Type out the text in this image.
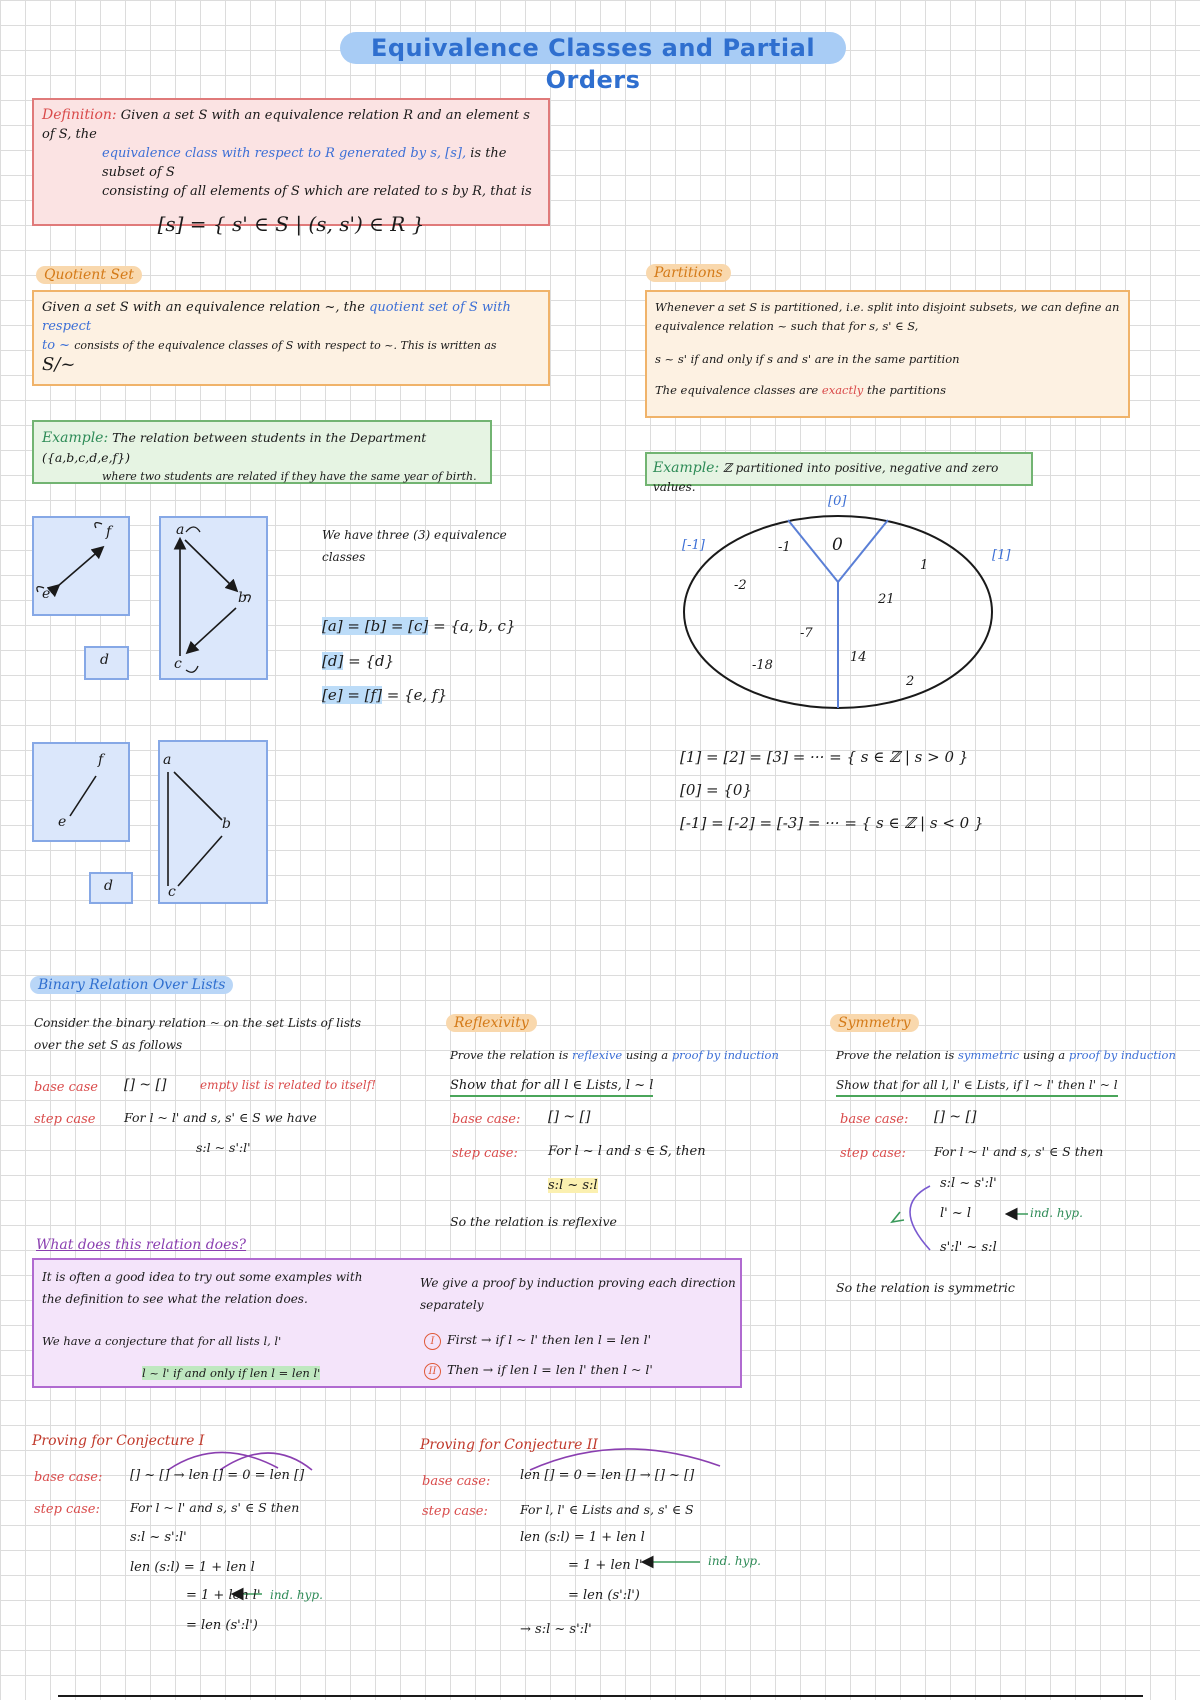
Equivalence Classes and Partial Orders
Definition: Given a set S with an equivalence relation R and an element s of S, the
equivalence class with respect to R generated by s, [s], is the subset of S
consisting of all elements of S which are related to s by R, that is
[s] = { s' ∈ S | (s, s') ∈ R }
Quotient Set
Given a set S with an equivalence relation ~, the quotient set of S with respect
to ~ consists of the equivalence classes of S with respect to ~. This is written as
S/~
Partitions
Whenever a set S is partitioned, i.e. split into disjoint subsets, we can define an
equivalence relation ~ such that for s, s' ∈ S,
s ~ s' if and only if s and s' are in the same partition
The equivalence classes are exactly the partitions
Example: The relation between students in the Department ({a,b,c,d,e,f})
where two students are related if they have the same year of birth.
Example: ℤ partitioned into positive, negative and zero values.
f
e
a
b
c
d
We have three (3) equivalence
classes
[a] = [b] = [c] = {a, b, c}
[d] = {d}
[e] = [f] = {e, f}
f
e
a
b
c
d
[0]
[-1]
[1]
0
-1
-2
-7
-18
1
21
14
2
[1] = [2] = [3] = ··· = { s ∈ ℤ | s > 0 }
[0] = {0}
[-1] = [-2] = [-3] = ··· = { s ∈ ℤ | s < 0 }
Binary Relation Over Lists
Consider the binary relation ~ on the set Lists of lists
over the set S as follows
base case [] ~ []	empty list is related to itself!
step case For l ~ l' and s, s' ∈ S we have
s:l ~ s':l'
Reflexivity
Prove the relation is reflexive using a proof by induction
Show that for all l ∈ Lists, l ~ l
base case: [] ~ []
step case: For l ~ l and s ∈ S, then
s:l ~ s:l
So the relation is reflexive
Symmetry
Prove the relation is symmetric using a proof by induction
Show that for all l, l' ∈ Lists, if l ~ l' then l' ~ l
base case: [] ~ []
step case: For l ~ l' and s, s' ∈ S then
s:l ~ s':l'
l' ~ l	ind. hyp.
s':l' ~ s:l
So the relation is symmetric
What does this relation does?
It is often a good idea to try out some examples with
the definition to see what the relation does.
We have a conjecture that for all lists l, l'
l ~ l' if and only if len l = len l'
We give a proof by induction proving each direction
separately
I First → if l ~ l' then len l = len l'
II Then → if len l = len l' then l ~ l'
Proving for Conjecture I
base case: [] ~ [] → len [] = 0 = len []
step case: For l ~ l' and s, s' ∈ S then
s:l ~ s':l'
len (s:l) = 1 + len l
= 1 + len l' ind. hyp.
= len (s':l')
Proving for Conjecture II
base case: len [] = 0 = len [] → [] ~ []
step case:	For l, l' ∈ Lists and s, s' ∈ S
len (s:l) = 1 + len l
= 1 + len l'	ind. hyp.
= len (s':l')
→ s:l ~ s':l'
